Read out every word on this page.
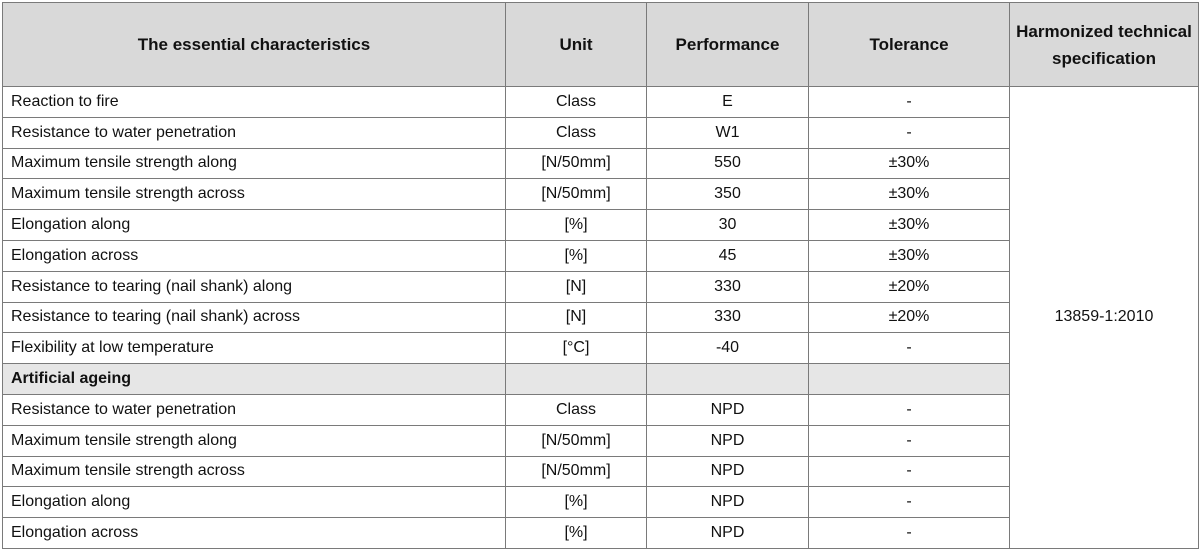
The essential characteristics	Unit	Performance	Tolerance	Harmonized technical specification
Reaction to fire	Class	E	-	13859-1:2010
Resistance to water penetration	Class	W1	-	
Maximum tensile strength along	[N/50mm]	550	±30%	
Maximum tensile strength across	[N/50mm]	350	±30%	
Elongation along	[%]	30	±30%	
Elongation across	[%]	45	±30%	
Resistance to tearing (nail shank) along	[N]	330	±20%	
Resistance to tearing (nail shank) across	[N]	330	±20%	
Flexibility at low temperature	[°C]	-40	-	
Artificial ageing				
Resistance to water penetration	Class	NPD	-	
Maximum tensile strength along	[N/50mm]	NPD	-	
Maximum tensile strength across	[N/50mm]	NPD	-	
Elongation along	[%]	NPD	-	
Elongation across	[%]	NPD	-	
